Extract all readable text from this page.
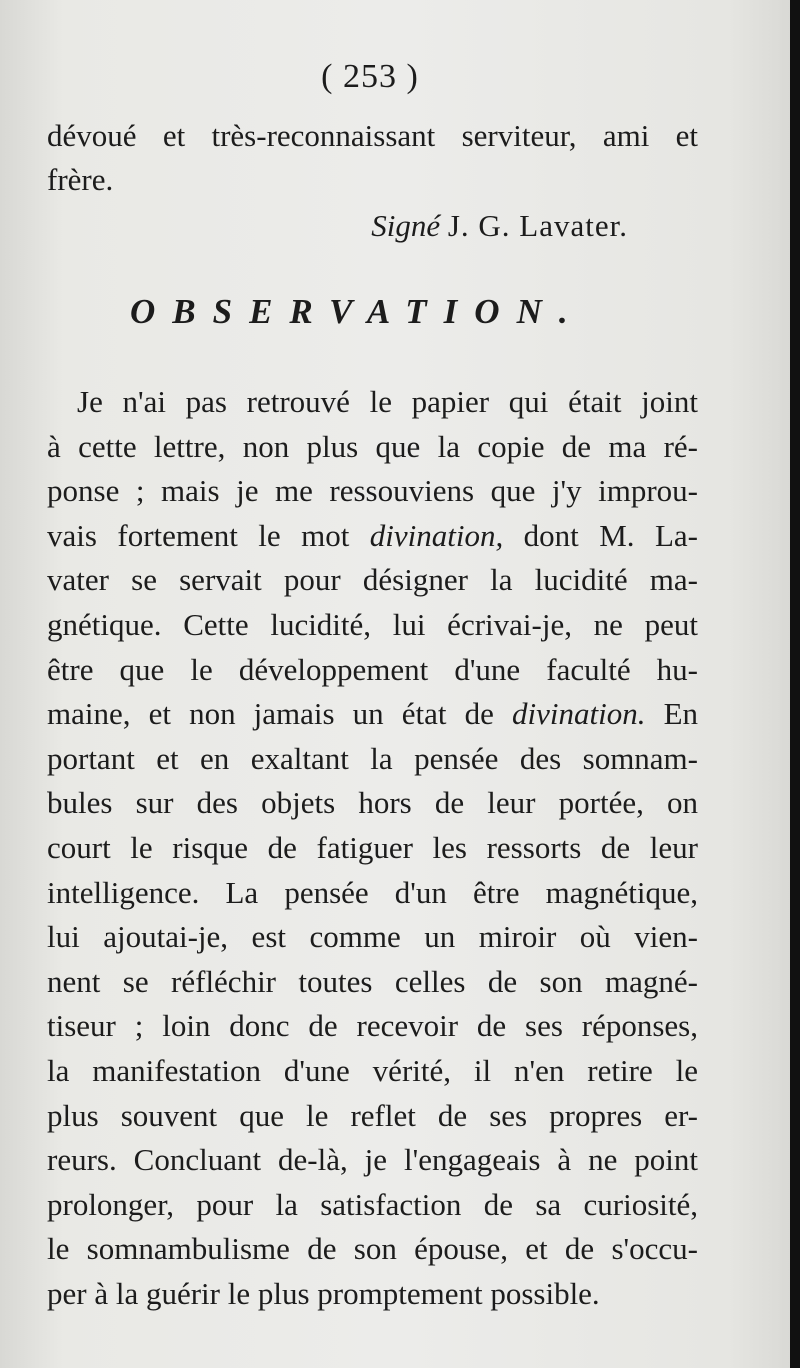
( 253 )
dévoué et très-reconnaissant serviteur, ami et
frère.
Signé J. G. Lavater.
OBSERVATION.
Je n'ai pas retrouvé le papier qui était joint
à cette lettre, non plus que la copie de ma ré-
ponse ; mais je me ressouviens que j'y improu-
vais fortement le mot divination, dont M. La-
vater se servait pour désigner la lucidité ma-
gnétique. Cette lucidité, lui écrivai-je, ne peut
être que le développement d'une faculté hu-
maine, et non jamais un état de divination. En
portant et en exaltant la pensée des somnam-
bules sur des objets hors de leur portée, on
court le risque de fatiguer les ressorts de leur
intelligence. La pensée d'un être magnétique,
lui ajoutai-je, est comme un miroir où vien-
nent se réfléchir toutes celles de son magné-
tiseur ; loin donc de recevoir de ses réponses,
la manifestation d'une vérité, il n'en retire le
plus souvent que le reflet de ses propres er-
reurs. Concluant de-là, je l'engageais à ne point
prolonger, pour la satisfaction de sa curiosité,
le somnambulisme de son épouse, et de s'occu-
per à la guérir le plus promptement possible.
